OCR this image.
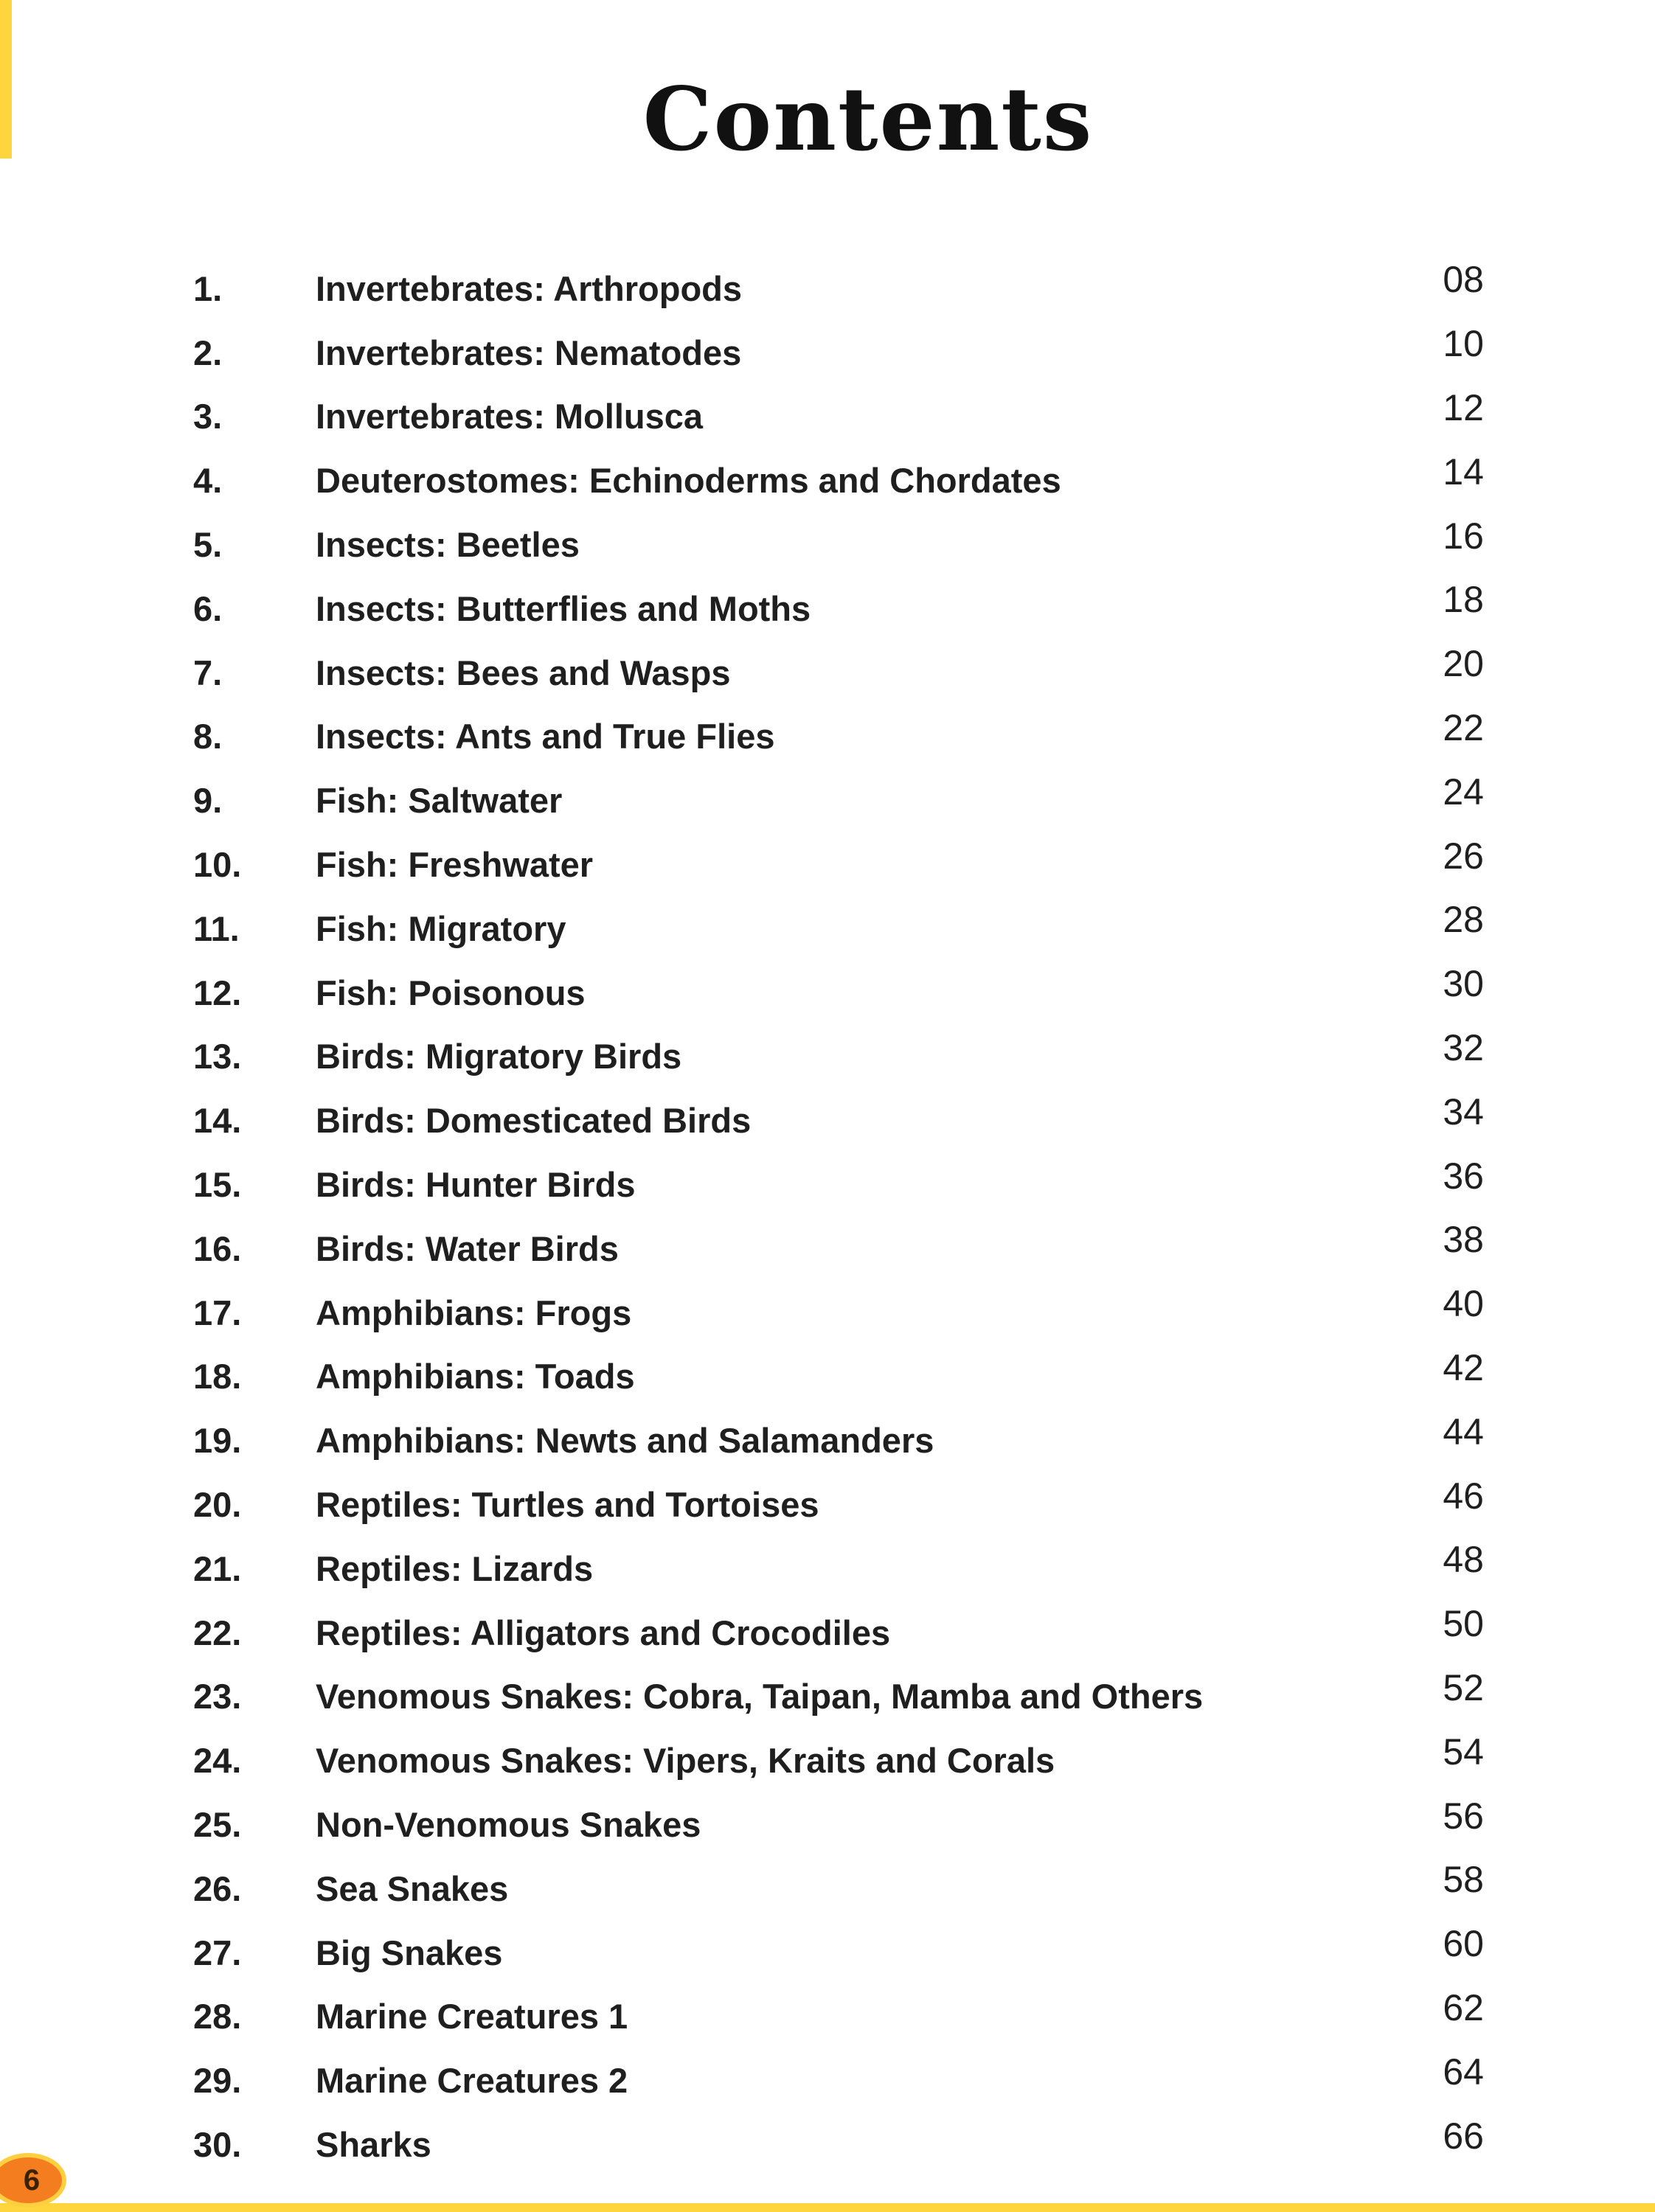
Contents
1.	Invertebrates: Arthropods	08
2.	Invertebrates: Nematodes	10
3.	Invertebrates: Mollusca	12
4.	Deuterostomes: Echinoderms and Chordates	14
5.	Insects: Beetles	16
6.	Insects: Butterflies and Moths	18
7.	Insects: Bees and Wasps	20
8.	Insects: Ants and True Flies	22
9.	Fish: Saltwater	24
10.	Fish: Freshwater	26
11.	Fish: Migratory	28
12.	Fish: Poisonous	30
13.	Birds: Migratory Birds	32
14.	Birds: Domesticated Birds	34
15.	Birds: Hunter Birds	36
16.	Birds: Water Birds	38
17.	Amphibians: Frogs	40
18.	Amphibians: Toads	42
19.	Amphibians: Newts and Salamanders	44
20.	Reptiles: Turtles and Tortoises	46
21.	Reptiles: Lizards	48
22.	Reptiles: Alligators and Crocodiles	50
23.	Venomous Snakes: Cobra, Taipan, Mamba and Others	52
24.	Venomous Snakes: Vipers, Kraits and Corals	54
25.	Non-Venomous Snakes	56
26.	Sea Snakes	58
27.	Big Snakes	60
28.	Marine Creatures 1	62
29.	Marine Creatures 2	64
30.	Sharks	66
6
